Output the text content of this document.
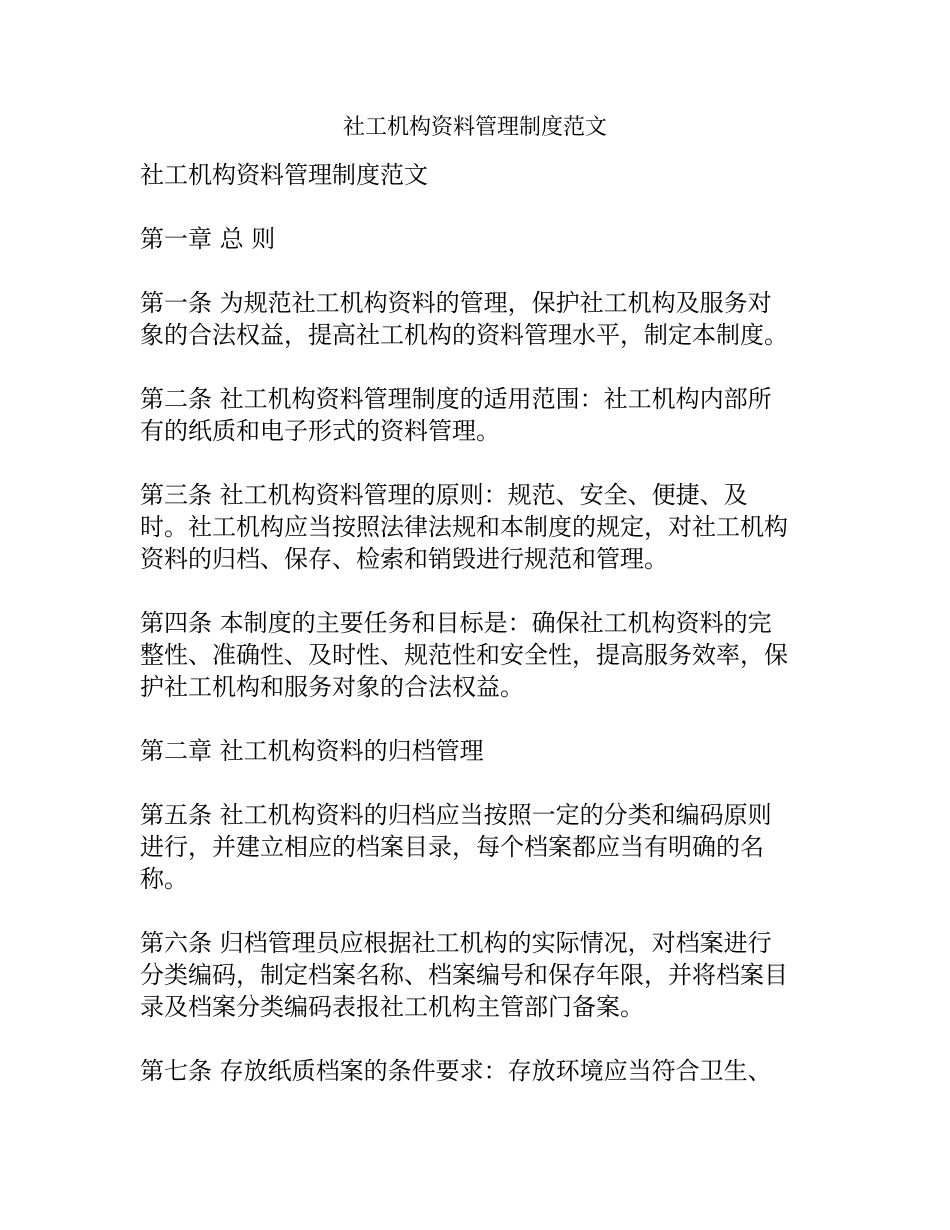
社工机构资料管理制度范文

社工机构资料管理制度范文

第一章 总 则

第一条 为规范社工机构资料的管理，保护社工机构及服务对
象的合法权益，提高社工机构的资料管理水平，制定本制度。

第二条 社工机构资料管理制度的适用范围：社工机构内部所
有的纸质和电子形式的资料管理。

第三条 社工机构资料管理的原则：规范、安全、便捷、及
时。社工机构应当按照法律法规和本制度的规定，对社工机构
资料的归档、保存、检索和销毁进行规范和管理。

第四条 本制度的主要任务和目标是：确保社工机构资料的完
整性、准确性、及时性、规范性和安全性，提高服务效率，保
护社工机构和服务对象的合法权益。

第二章 社工机构资料的归档管理

第五条 社工机构资料的归档应当按照一定的分类和编码原则
进行，并建立相应的档案目录，每个档案都应当有明确的名
称。

第六条 归档管理员应根据社工机构的实际情况，对档案进行
分类编码，制定档案名称、档案编号和保存年限，并将档案目
录及档案分类编码表报社工机构主管部门备案。

第七条 存放纸质档案的条件要求：存放环境应当符合卫生、
